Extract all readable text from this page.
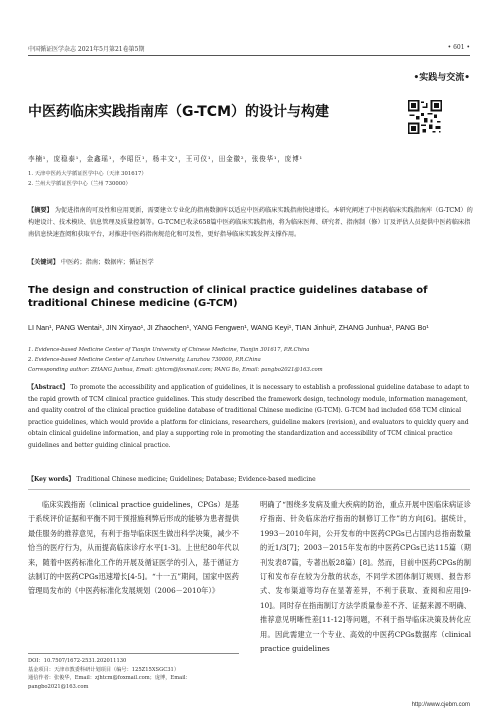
中国循证医学杂志 2021年5月第21卷第5期	• 601 •
•实践与交流•
中医药临床实践指南库（G-TCM）的设计与构建
李楠¹，庞稳泰¹，金鑫瑶¹，李昭臣¹，杨丰文¹，王可仪¹，田金徽²，张俊华¹，庞博¹
1. 天津中医药大学循证医学中心（天津 301617）
2. 兰州大学循证医学中心（兰州 730000）
【摘要】 为促进指南的可及性和应用更新，需要建立专业化的指南数据库以适应中医药临床实践指南快速增长。本研究阐述了中医药临床实践指南库（G-TCM）的构建设计、技术模块、信息管理及质量控制等。G-TCM已收录658篇中医药临床实践指南，将为临床医师、研究者、指南制（修）订及评估人员提供中医药临床指南信息快速查阅和获取平台，对推进中医药指南规范化和可及性，更好指导临床实践发挥支撑作用。
【关键词】 中医药；指南；数据库；循证医学
The design and construction of clinical practice guidelines database of traditional Chinese medicine (G-TCM)
LI Nan¹, PANG Wentai¹, JIN Xinyao¹, JI Zhaochen¹, YANG Fengwen¹, WANG Keyi¹, TIAN Jinhui², ZHANG Junhua¹, PANG Bo¹
1. Evidence-based Medicine Center of Tianjin University of Chinese Medicine, Tianjin 301617, P.R.China
2. Evidence-based Medicine Center of Lanzhou University, Lanzhou 730000, P.R.China
Corresponding author: ZHANG Junhua, Email: zjhtcm@foxmail.com; PANG Bo, Email: pangbo2021@163.com
【Abstract】 To promote the accessibility and application of guidelines, it is necessary to establish a professional guideline database to adapt to the rapid growth of TCM clinical practice guidelines. This study described the framework design, technology module, information management, and quality control of the clinical practice guideline database of traditional Chinese medicine (G-TCM). G-TCM had included 658 TCM clinical practice guidelines, which would provide a platform for clinicians, researchers, guideline makers (revision), and evaluators to quickly query and obtain clinical guideline information, and play a supporting role in promoting the standardization and accessibility of TCM clinical practice guidelines and better guiding clinical practice.
【Key words】 Traditional Chinese medicine; Guidelines; Database; Evidence-based medicine
临床实践指南（clinical practice guidelines，CPGs）是基于系统评价证据和平衡不同干预措施利弊后形成的能够为患者提供最佳服务的推荐意见，有利于指导临床医生做出科学决策，减少不恰当的医疗行为，从而提高临床诊疗水平[1-3]。上世纪80年代以来，随着中医药标准化工作的开展及循证医学的引入，基于循证方法制订的中医药CPGs迅速增长[4-5]。“十一五”期间，国家中医药管理局发布的《中医药标准化发展规划（2006－2010年）》
明确了“围绕多发病及重大疾病的防治，重点开展中医临床病证诊疗指南、针灸临床治疗指南的制修订工作”的方向[6]。据统计，1993－2010年间，公开发布的中医药CPGs已占国内总指南数量的近1/3[7]；2003－2015年发布的中医药CPGs已达115篇（期刊发表87篇，专著出版28篇）[8]。然而，目前中医药CPGs的制订和发布存在较为分散的状态，不同学术团体制订规则、报告形式、发布渠道等均存在显著差异，不利于获取、查阅和应用[9-10]。同时存在指南制订方法学质量参差不齐、证据来源不明确、推荐意见明晰性差[11-12]等问题，不利于指导临床决策及转化应用。因此需建立一个专业、高效的中医药CPGs数据库（clinical practice guidelines
DOI：10.7507/1672-2531.202011130
基金项目：天津市教委科研计划项目（编号：125Z15XSGC31）
通信作者：张俊华，Email：zjhtcm@foxmail.com；庞博，Email：
pangbo2021@163.com
http://www.cjebm.com
